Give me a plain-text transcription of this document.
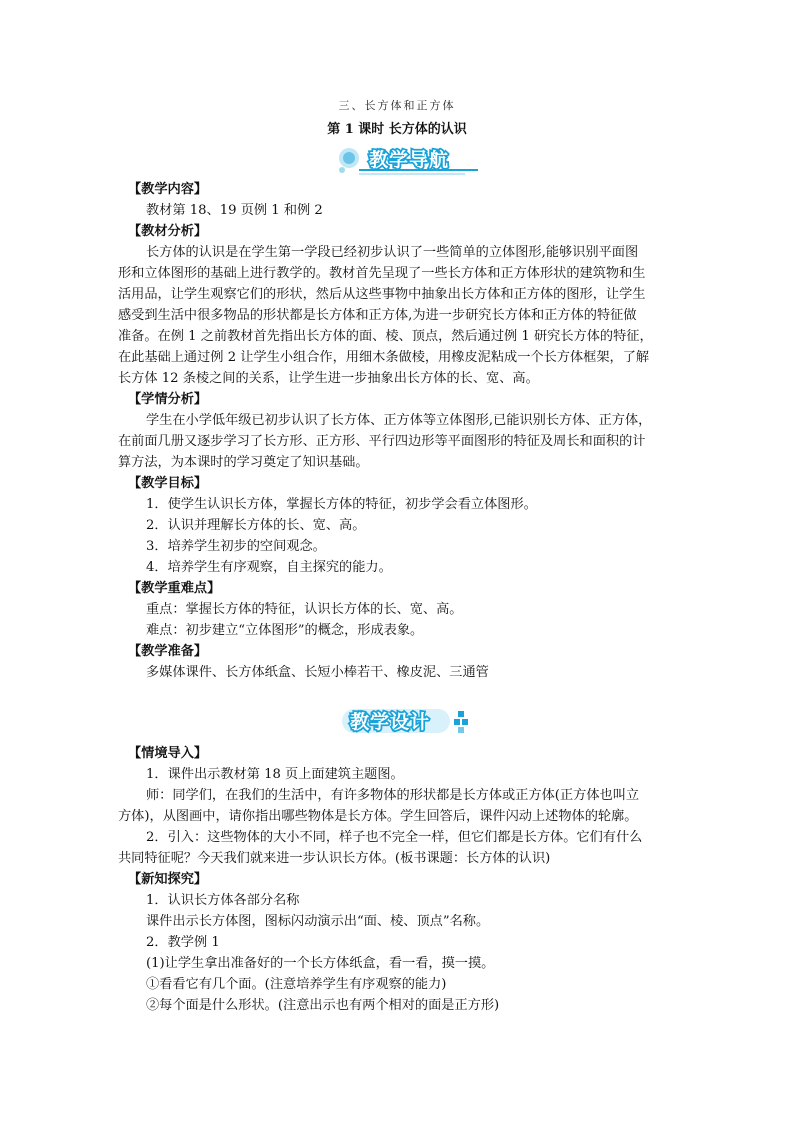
三、长方体和正方体
第 1 课时 长方体的认识
教学导航
教学设计
【教学内容】
教材第 18、19 页例 1 和例 2
【教材分析】
长方体的认识是在学生第一学段已经初步认识了一些简单的立体图形,能够识别平面图
形和立体图形的基础上进行教学的。教材首先呈现了一些长方体和正方体形状的建筑物和生
活用品，让学生观察它们的形状，然后从这些事物中抽象出长方体和正方体的图形，让学生
感受到生活中很多物品的形状都是长方体和正方体,为进一步研究长方体和正方体的特征做
准备。在例 1 之前教材首先指出长方体的面、棱、顶点，然后通过例 1 研究长方体的特征，
在此基础上通过例 2 让学生小组合作，用细木条做棱，用橡皮泥粘成一个长方体框架，了解
长方体 12 条棱之间的关系，让学生进一步抽象出长方体的长、宽、高。
【学情分析】
学生在小学低年级已初步认识了长方体、正方体等立体图形,已能识别长方体、正方体，
在前面几册又逐步学习了长方形、正方形、平行四边形等平面图形的特征及周长和面积的计
算方法，为本课时的学习奠定了知识基础。
【教学目标】
1．使学生认识长方体，掌握长方体的特征，初步学会看立体图形。
2．认识并理解长方体的长、宽、高。
3．培养学生初步的空间观念。
4．培养学生有序观察，自主探究的能力。
【教学重难点】
重点：掌握长方体的特征，认识长方体的长、宽、高。
难点：初步建立“立体图形”的概念，形成表象。
【教学准备】
多媒体课件、长方体纸盒、长短小棒若干、橡皮泥、三通管
【情境导入】
1．课件出示教材第 18 页上面建筑主题图。
师：同学们，在我们的生活中，有许多物体的形状都是长方体或正方体(正方体也叫立
方体)，从图画中，请你指出哪些物体是长方体。学生回答后，课件闪动上述物体的轮廓。
2．引入：这些物体的大小不同，样子也不完全一样，但它们都是长方体。它们有什么
共同特征呢？今天我们就来进一步认识长方体。(板书课题：长方体的认识)
【新知探究】
1．认识长方体各部分名称
课件出示长方体图，图标闪动演示出“面、棱、顶点”名称。
2．教学例 1
(1)让学生拿出准备好的一个长方体纸盒，看一看，摸一摸。
①看看它有几个面。(注意培养学生有序观察的能力)
②每个面是什么形状。(注意出示也有两个相对的面是正方形)
